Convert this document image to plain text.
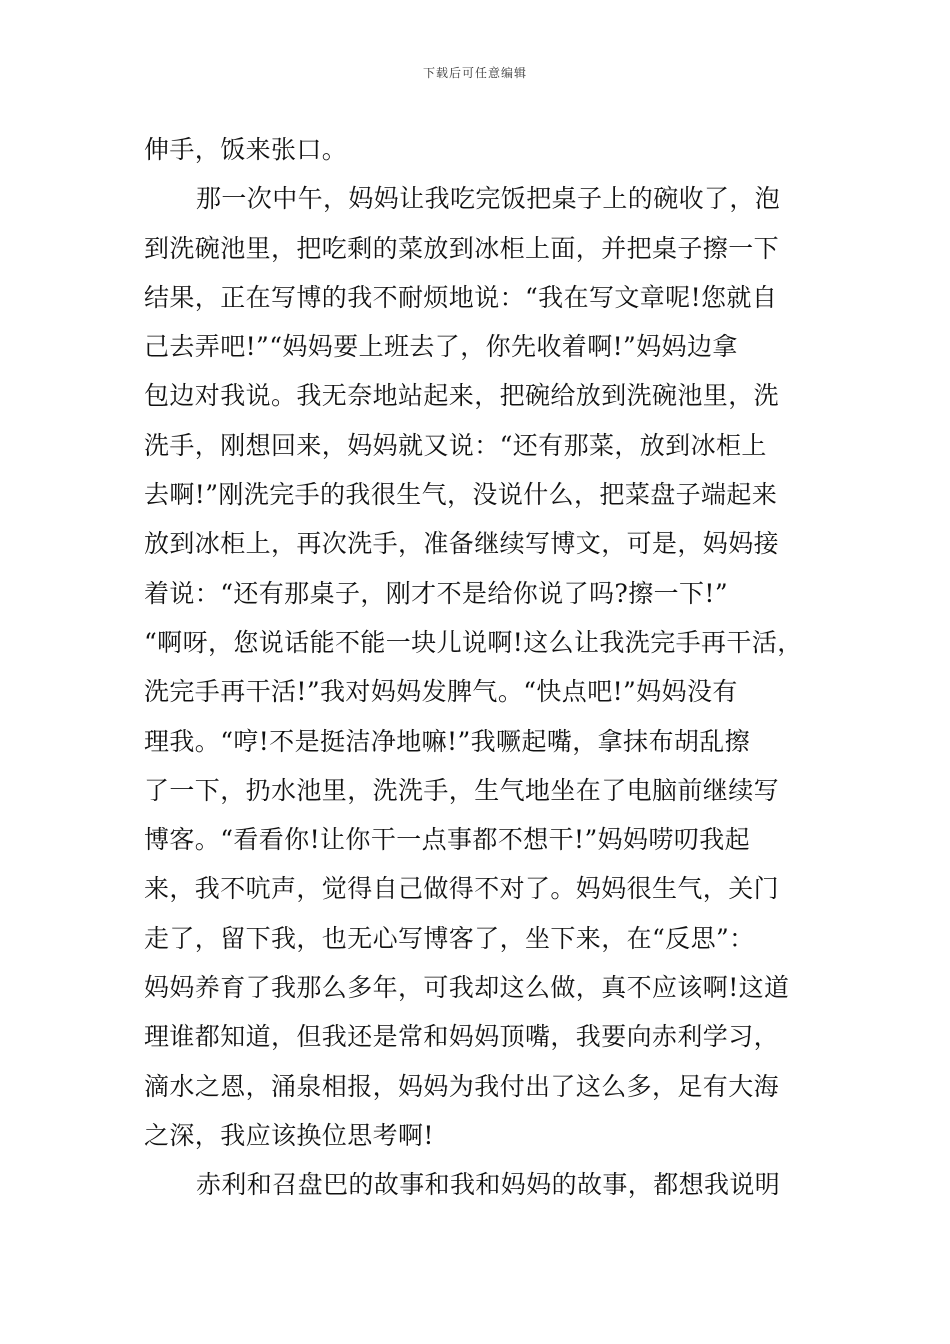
下载后可任意编辑
伸手，饭来张口。
那一次中午，妈妈让我吃完饭把桌子上的碗收了，泡
到洗碗池里，把吃剩的菜放到冰柜上面，并把桌子擦一下
结果，正在写博的我不耐烦地说：“我在写文章呢!您就自
己去弄吧!”“妈妈要上班去了，你先收着啊!”妈妈边拿
包边对我说。我无奈地站起来，把碗给放到洗碗池里，洗
洗手，刚想回来，妈妈就又说：“还有那菜，放到冰柜上
去啊!”刚洗完手的我很生气，没说什么，把菜盘子端起来
放到冰柜上，再次洗手，准备继续写博文，可是，妈妈接
着说：“还有那桌子，刚才不是给你说了吗?擦一下!”
“啊呀，您说话能不能一块儿说啊!这么让我洗完手再干活，
洗完手再干活!”我对妈妈发脾气。“快点吧!”妈妈没有
理我。“哼!不是挺洁净地嘛!”我噘起嘴，拿抹布胡乱擦
了一下，扔水池里，洗洗手，生气地坐在了电脑前继续写
博客。“看看你!让你干一点事都不想干!”妈妈唠叨我起
来，我不吭声，觉得自己做得不对了。妈妈很生气，关门
走了，留下我，也无心写博客了，坐下来，在“反思”：
妈妈养育了我那么多年，可我却这么做，真不应该啊!这道
理谁都知道，但我还是常和妈妈顶嘴，我要向赤利学习，
滴水之恩，涌泉相报，妈妈为我付出了这么多，足有大海
之深，我应该换位思考啊!
赤利和召盘巴的故事和我和妈妈的故事，都想我说明
